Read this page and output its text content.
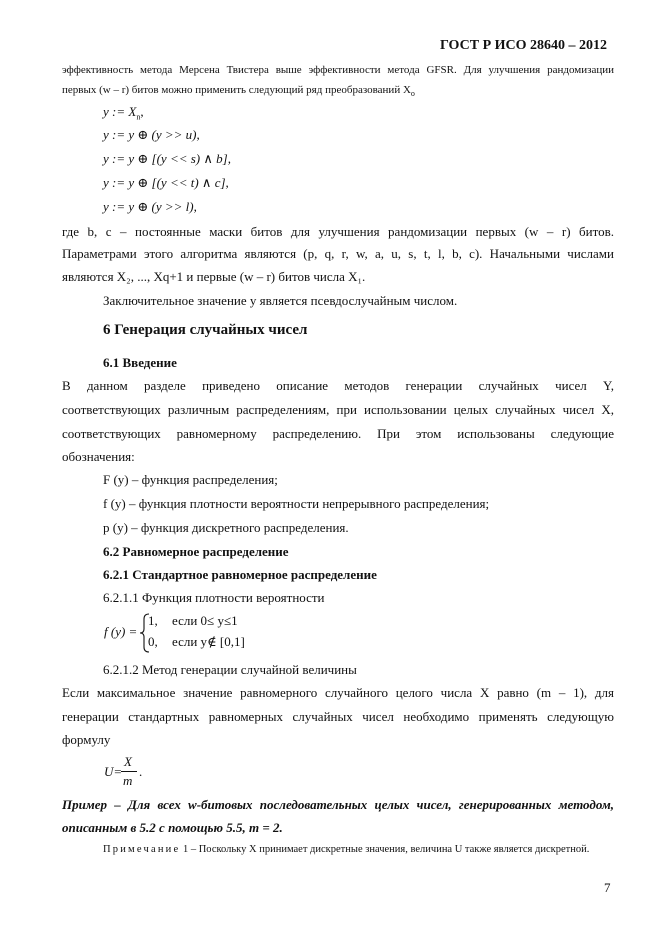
ГОСТ Р ИСО 28640 – 2012
эффективность метода Мерсена Твистера выше эффективности метода GFSR. Для улучшения рандомизации
первых (w – r) битов можно применить следующий ряд преобразований $X_o$
y := $X_n$,
y := y ⊕ (y >> u),
y := y ⊕ [(y << s) ∧ b],
y := y ⊕ [(y << t) ∧ c],
y := y ⊕ (y >> l),
где b, c – постоянные маски битов для улучшения рандомизации первых (w – r) битов.
Параметрами этого алгоритма являются (p, q, r, w, a, u, s, t, l, b, c). Начальными числами
являются X₂, ..., Xq+1 и первые (w – r) битов числа X₁.
Заключительное значение y является псевдослучайным числом.
6 Генерация случайных чисел
6.1 Введение
В данном разделе приведено описание методов генерации случайных чисел Y,
соответствующих различным распределениям, при использовании целых случайных чисел X,
соответствующих равномерному распределению. При этом использованы следующие
обозначения:
F (y) – функция распределения;
f (y) – функция плотности вероятности непрерывного распределения;
p (y) – функция дискретного распределения.
6.2 Равномерное распределение
6.2.1 Стандартное равномерное распределение
6.2.1.1 Функция плотности вероятности
f (y) =
1, если 0≤ y≤1
0, если y∉ [0,1]
6.2.1.2 Метод генерации случайной величины
Если максимальное значение равномерного случайного целого числа X равно (m – 1), для
генерации стандартных равномерных случайных чисел необходимо применять следующую
формулу
U=
X
m
.
Пример – Для всех w-битовых последовательных целых чисел, генерированных методом,
описанным в 5.2 с помощью 5.5, m = 2.
Примечание 1 – Поскольку X принимает дискретные значения, величина U также является дискретной.
7
